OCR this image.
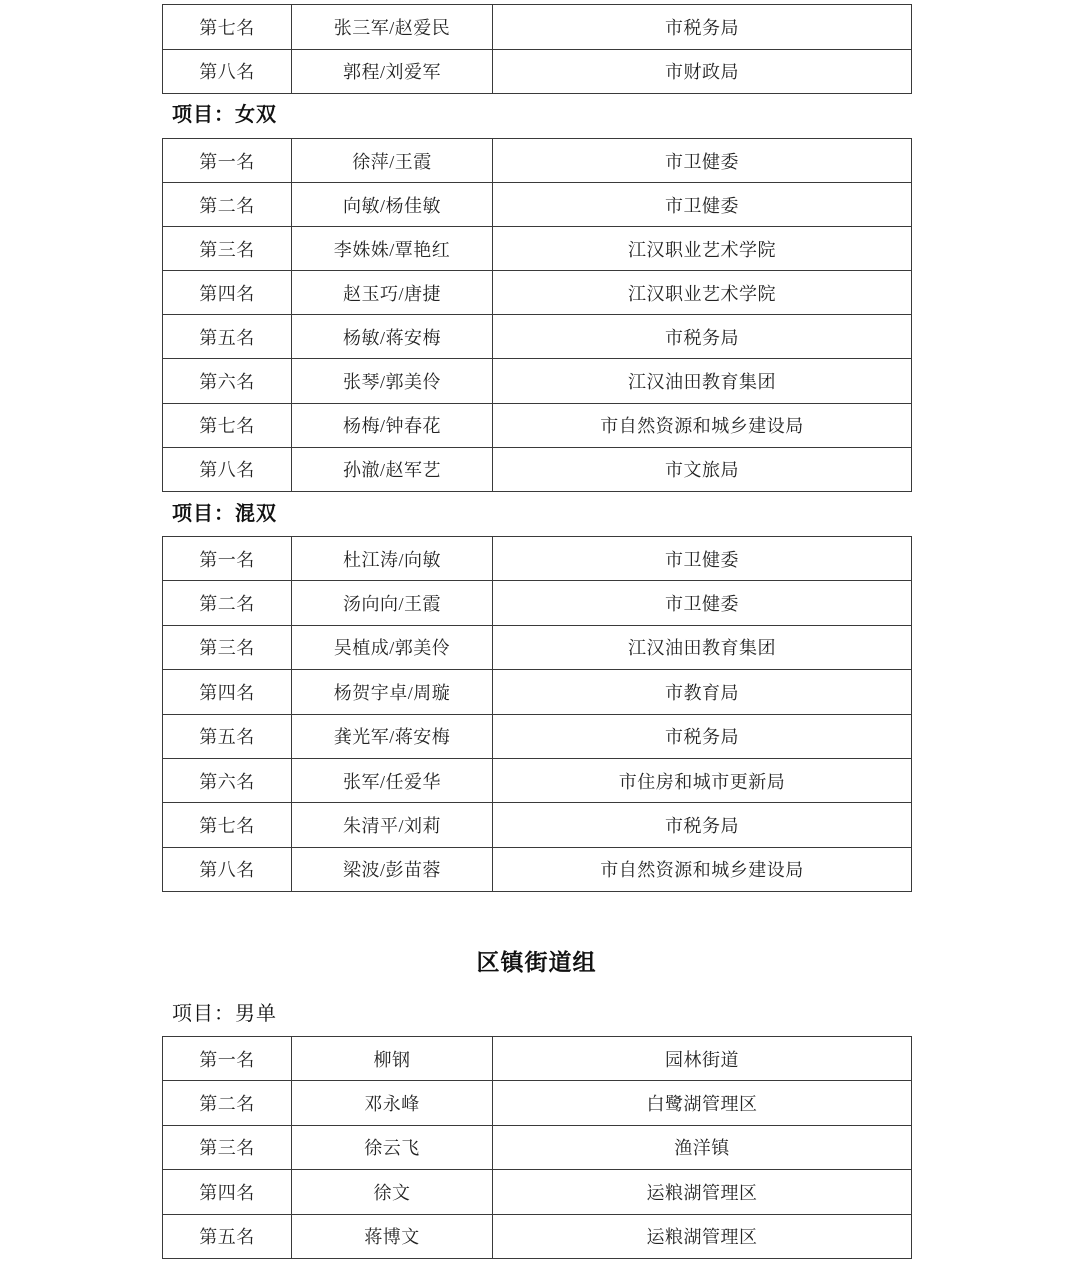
第七名	张三军/赵爱民	市税务局
第八名	郭程/刘爱军	市财政局
项目：女双
第一名	徐萍/王霞	市卫健委
第二名	向敏/杨佳敏	市卫健委
第三名	李姝姝/覃艳红	江汉职业艺术学院
第四名	赵玉巧/唐捷	江汉职业艺术学院
第五名	杨敏/蒋安梅	市税务局
第六名	张琴/郭美伶	江汉油田教育集团
第七名	杨梅/钟春花	市自然资源和城乡建设局
第八名	孙澈/赵军艺	市文旅局
项目：混双
第一名	杜江涛/向敏	市卫健委
第二名	汤向向/王霞	市卫健委
第三名	吴植成/郭美伶	江汉油田教育集团
第四名	杨贺宇卓/周璇	市教育局
第五名	龚光军/蒋安梅	市税务局
第六名	张军/任爱华	市住房和城市更新局
第七名	朱清平/刘莉	市税务局
第八名	梁波/彭苗蓉	市自然资源和城乡建设局
区镇街道组
项目：男单
第一名	柳钢	园林街道
第二名	邓永峰	白鹭湖管理区
第三名	徐云飞	渔洋镇
第四名	徐文	运粮湖管理区
第五名	蒋博文	运粮湖管理区
